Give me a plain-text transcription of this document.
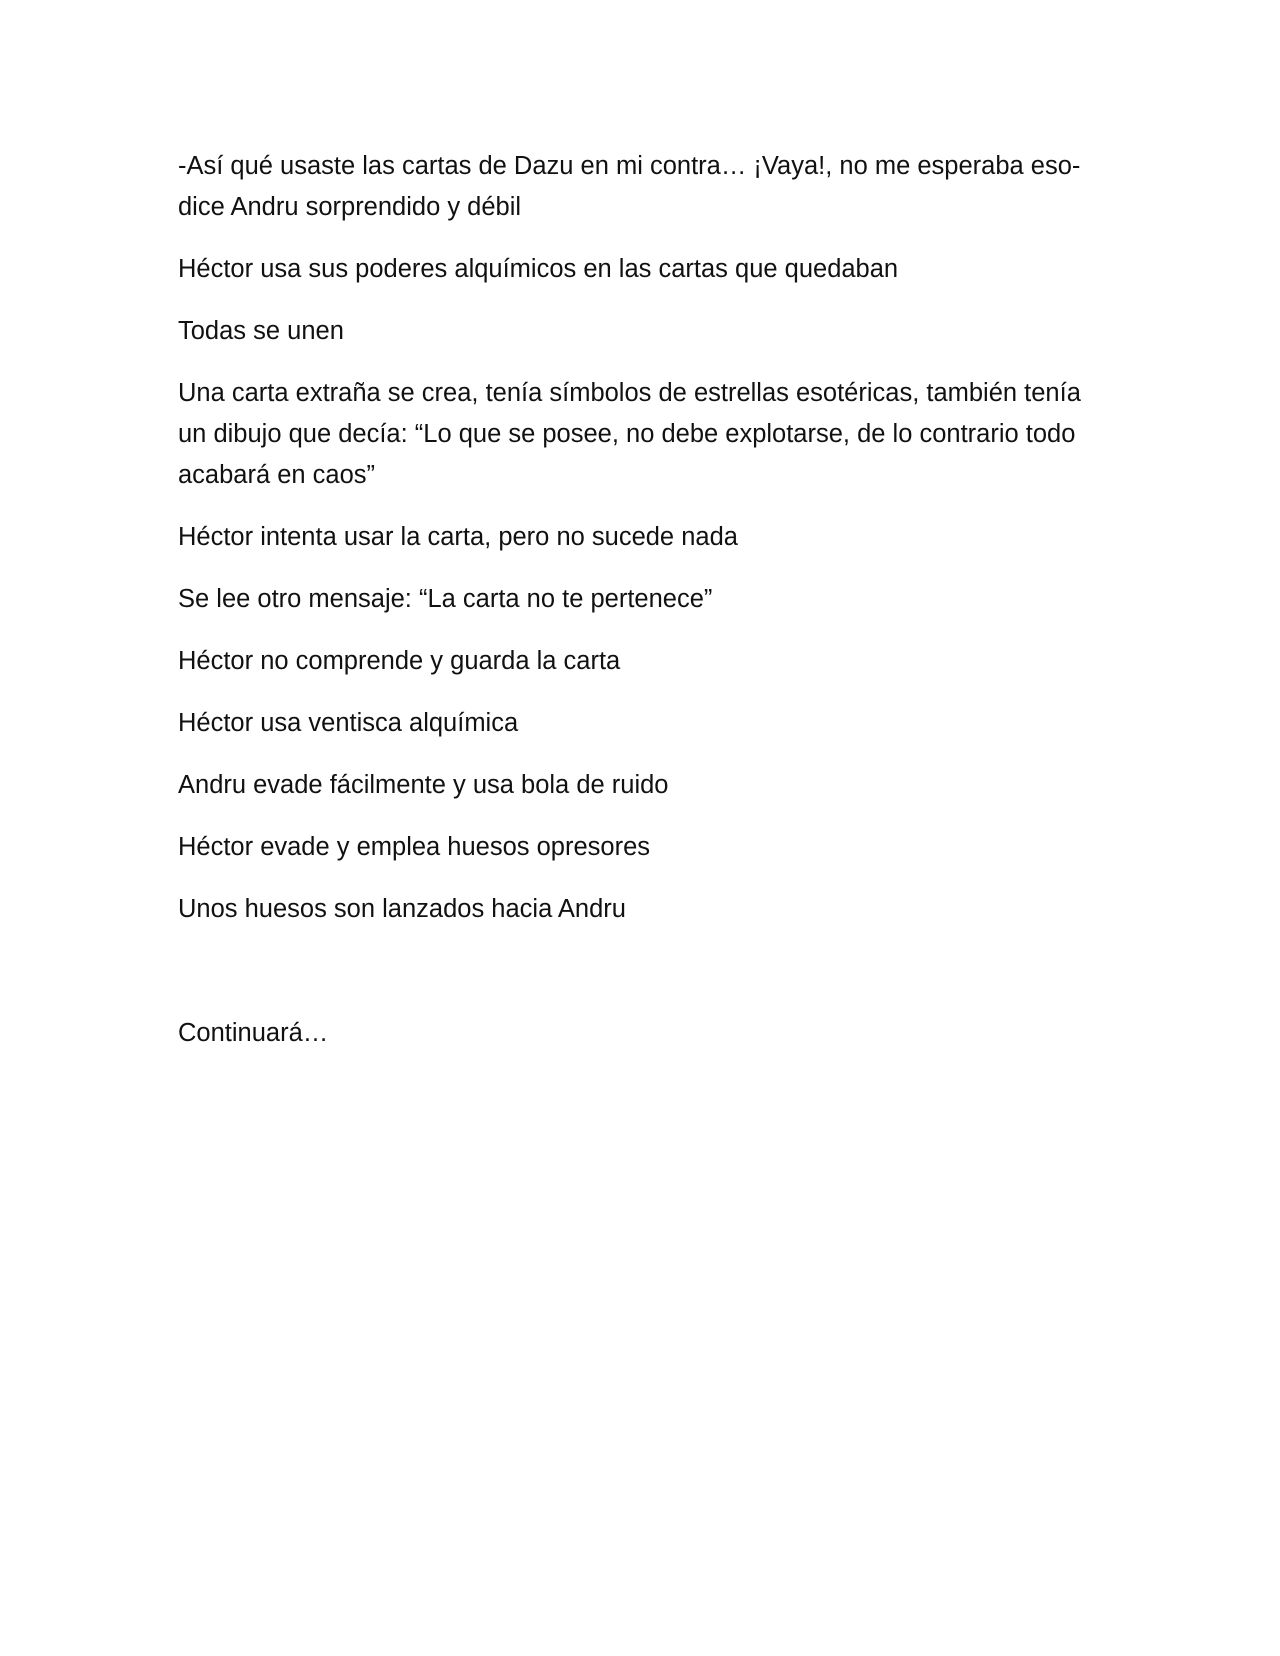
-Así qué usaste las cartas de Dazu en mi contra… ¡Vaya!, no me esperaba eso- dice Andru sorprendido y débil

Héctor usa sus poderes alquímicos en las cartas que quedaban

Todas se unen

Una carta extraña se crea, tenía símbolos de estrellas esotéricas, también tenía un dibujo que decía: “Lo que se posee, no debe explotarse, de lo contrario todo acabará en caos”

Héctor intenta usar la carta, pero no sucede nada

Se lee otro mensaje: “La carta no te pertenece”

Héctor no comprende y guarda la carta

Héctor usa ventisca alquímica

Andru evade fácilmente y usa bola de ruido

Héctor evade y emplea huesos opresores

Unos huesos son lanzados hacia Andru

Continuará…
